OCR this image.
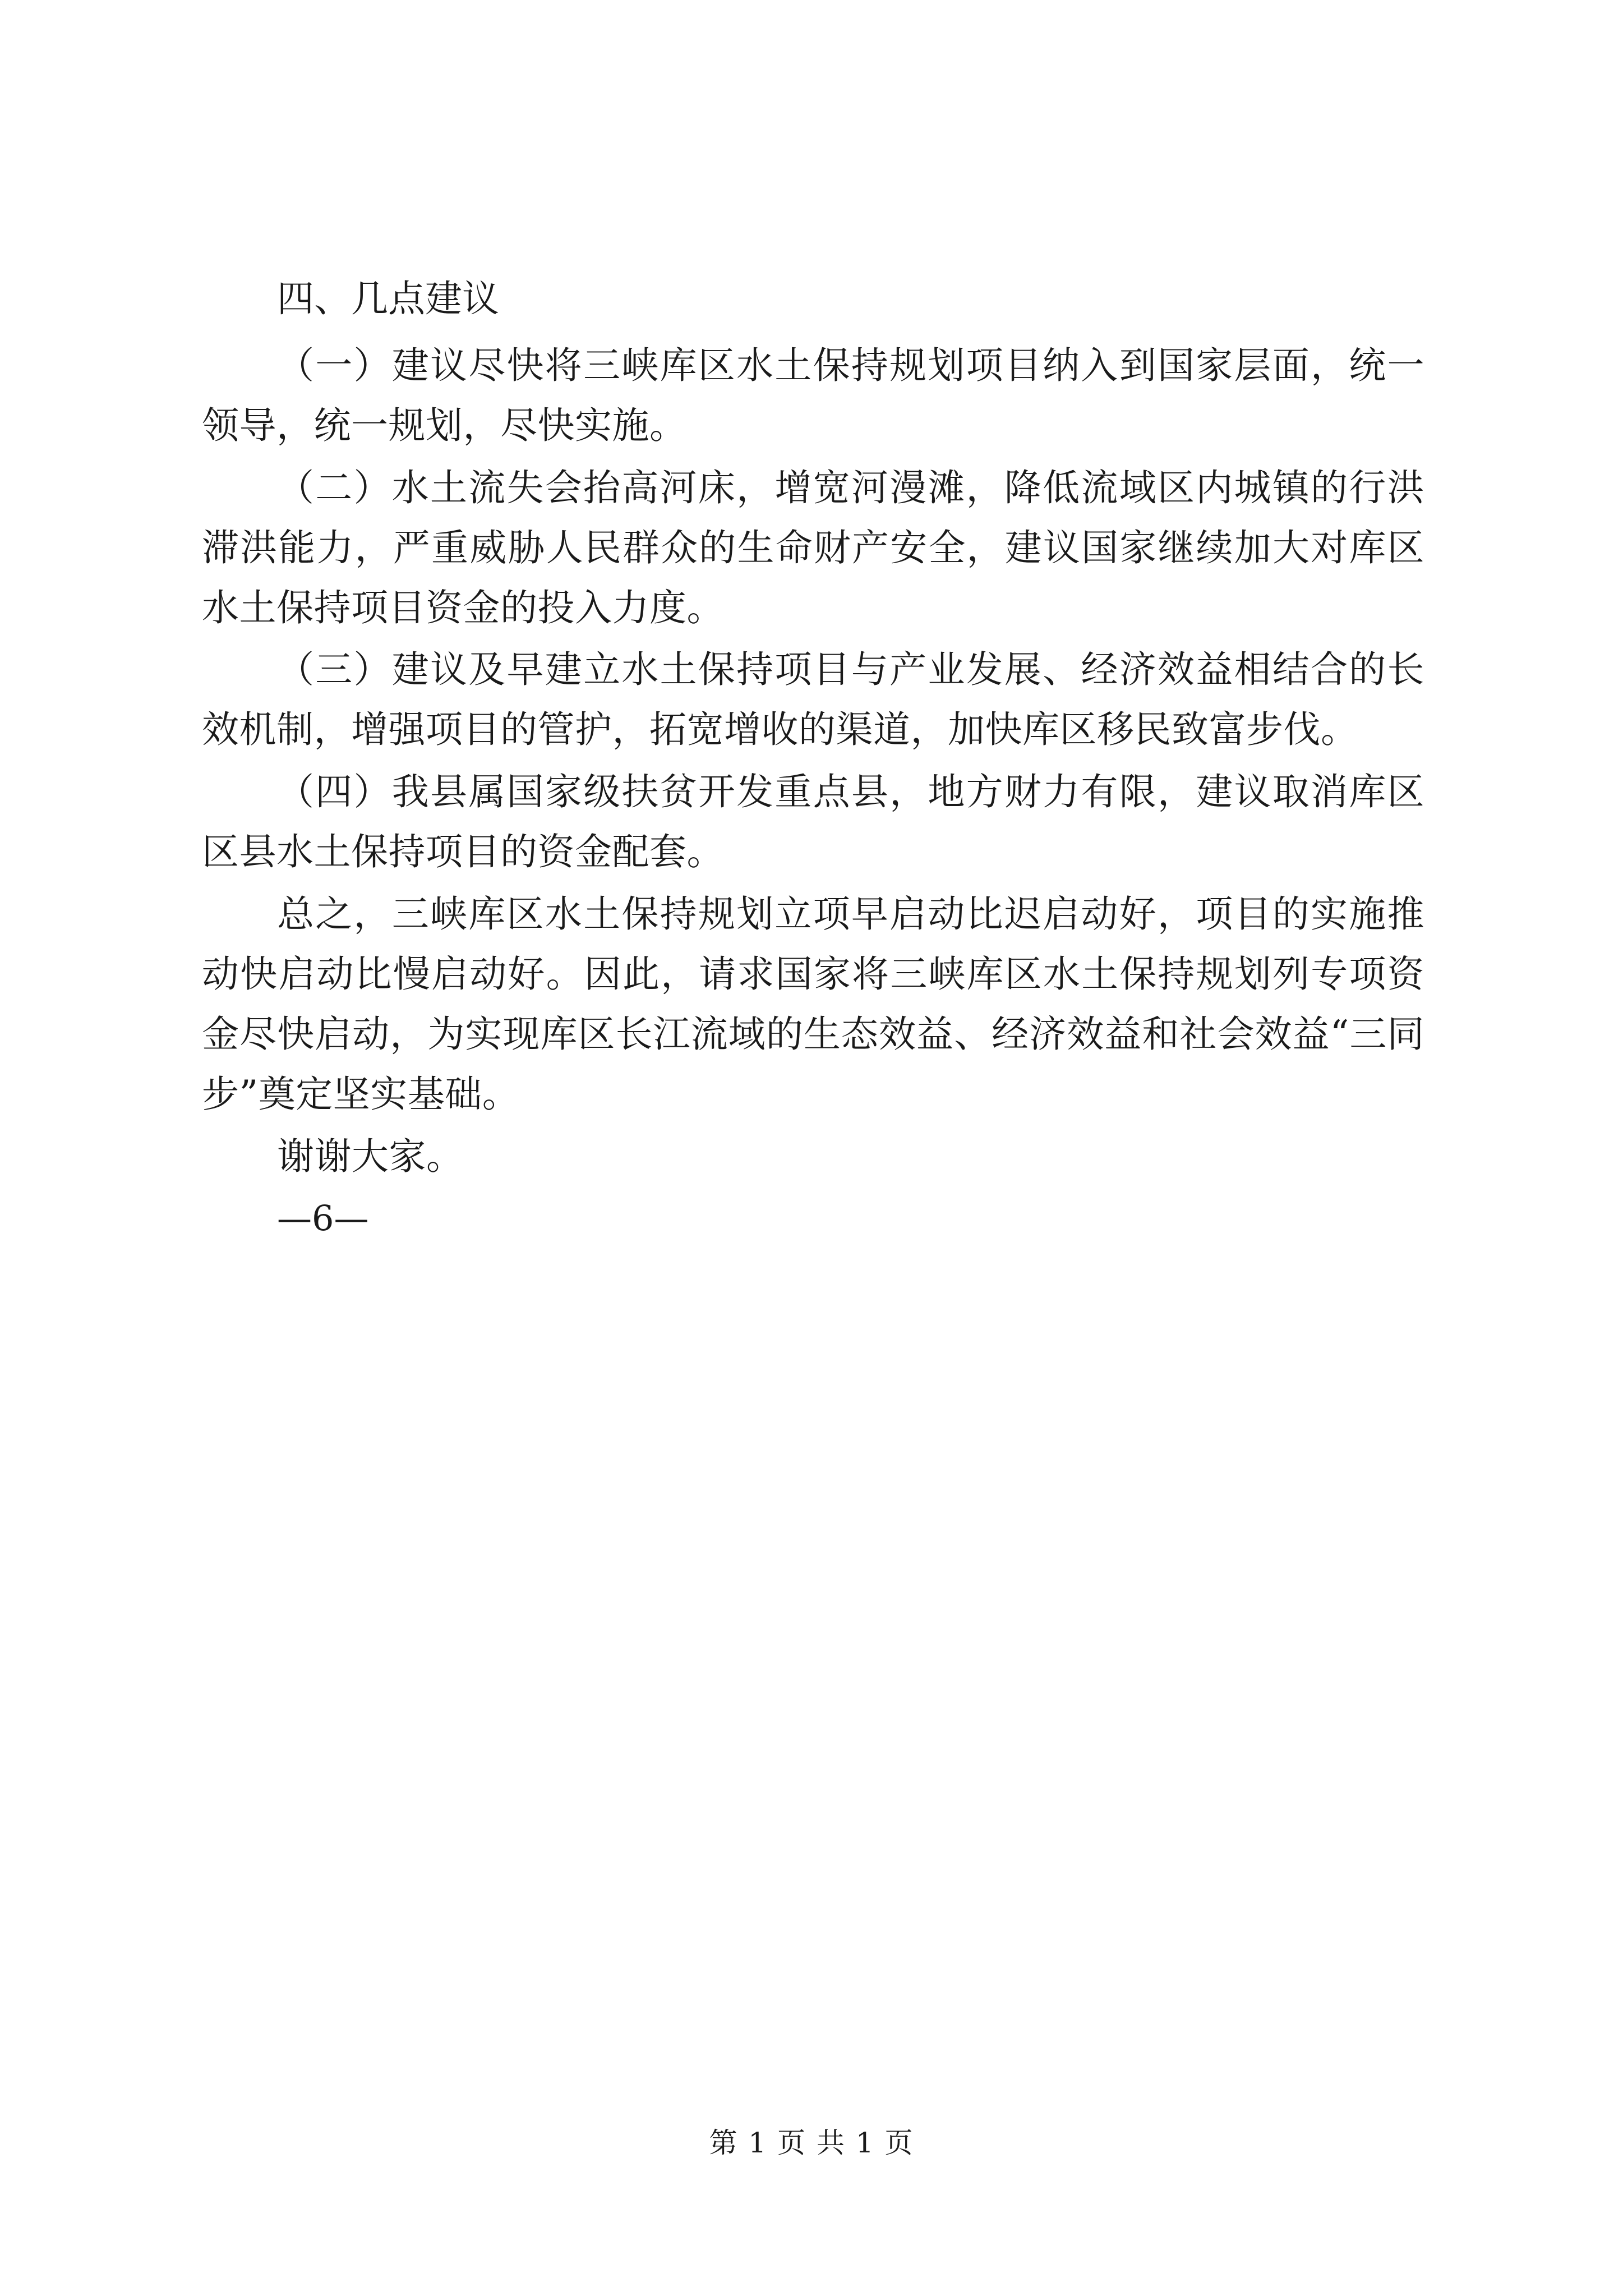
四、几点建议

（一）建议尽快将三峡库区水土保持规划项目纳入到国家层面，统一领导，统一规划，尽快实施。

（二）水土流失会抬高河床，增宽河漫滩，降低流域区内城镇的行洪滞洪能力，严重威胁人民群众的生命财产安全，建议国家继续加大对库区水土保持项目资金的投入力度。

（三）建议及早建立水土保持项目与产业发展、经济效益相结合的长效机制，增强项目的管护，拓宽增收的渠道，加快库区移民致富步伐。

（四）我县属国家级扶贫开发重点县，地方财力有限，建议取消库区区县水土保持项目的资金配套。

总之，三峡库区水土保持规划立项早启动比迟启动好，项目的实施推动快启动比慢启动好。因此，请求国家将三峡库区水土保持规划列专项资金尽快启动，为实现库区长江流域的生态效益、经济效益和社会效益“三同步”奠定坚实基础。

谢谢大家。

—6—

第 1 页 共 1 页
